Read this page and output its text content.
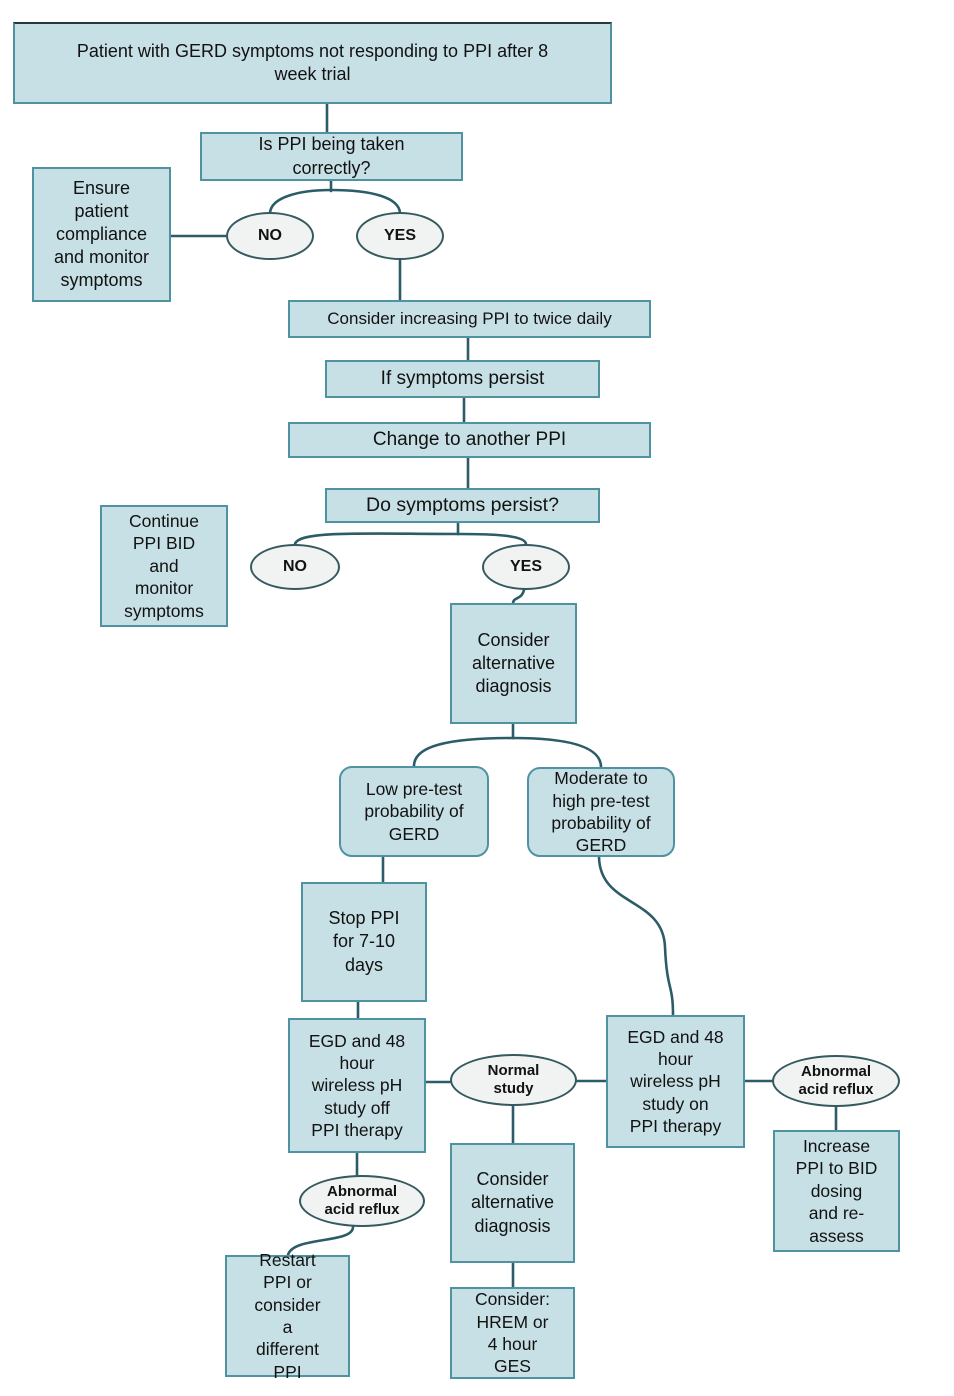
Patient with GERD symptoms not responding to PPI after 8 week trial
Is PPI being taken correctly?
Ensure patient compliance and monitor symptoms
Consider increasing PPI to twice daily
If symptoms persist
Change to another PPI
Do symptoms persist?
Continue PPI BID and monitor symptoms
Consider alternative diagnosis
Low pre-test probability of GERD
Moderate to high pre-test probability of GERD
Stop PPI for 7-10 days
EGD and 48 hour wireless pH study off PPI therapy
EGD and 48 hour wireless pH study on PPI therapy
Consider alternative diagnosis
Restart PPI or consider a different PPI
Consider: HREM or 4 hour GES
Increase PPI to BID dosing and re-assess
NO	YES
NO	YES
Normal study
Abnormal acid reflux
Abnormal acid reflux
